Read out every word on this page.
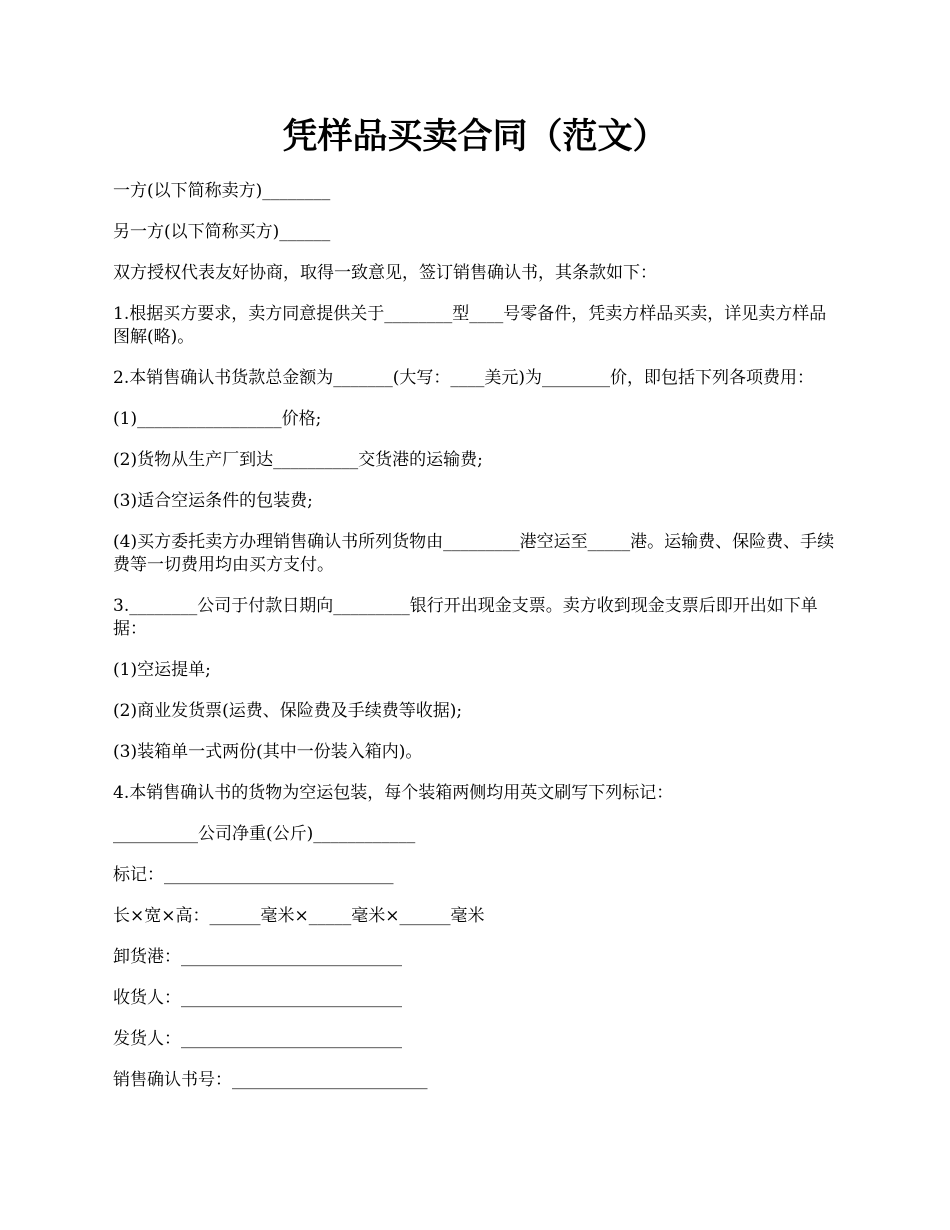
凭样品买卖合同（范文）

一方(以下简称卖方)________

另一方(以下简称买方)______

双方授权代表友好协商，取得一致意见，签订销售确认书，其条款如下：

1.根据买方要求，卖方同意提供关于________型____号零备件，凭卖方样品买卖，详见卖方样品图解(略)。

2.本销售确认书货款总金额为_______(大写：____美元)为________价，即包括下列各项费用：

(1)_________________价格;

(2)货物从生产厂到达__________交货港的运输费;

(3)适合空运条件的包装费;

(4)买方委托卖方办理销售确认书所列货物由_________港空运至_____港。运输费、保险费、手续费等一切费用均由买方支付。

3.________公司于付款日期向_________银行开出现金支票。卖方收到现金支票后即开出如下单据：

(1)空运提单;

(2)商业发货票(运费、保险费及手续费等收据);

(3)装箱单一式两份(其中一份装入箱内)。

4.本销售确认书的货物为空运包装，每个装箱两侧均用英文刷写下列标记：

__________公司净重(公斤)____________

标记：___________________________

长×宽×高：______毫米×_____毫米×______毫米

卸货港：__________________________

收货人：__________________________

发货人：__________________________

销售确认书号：_______________________
